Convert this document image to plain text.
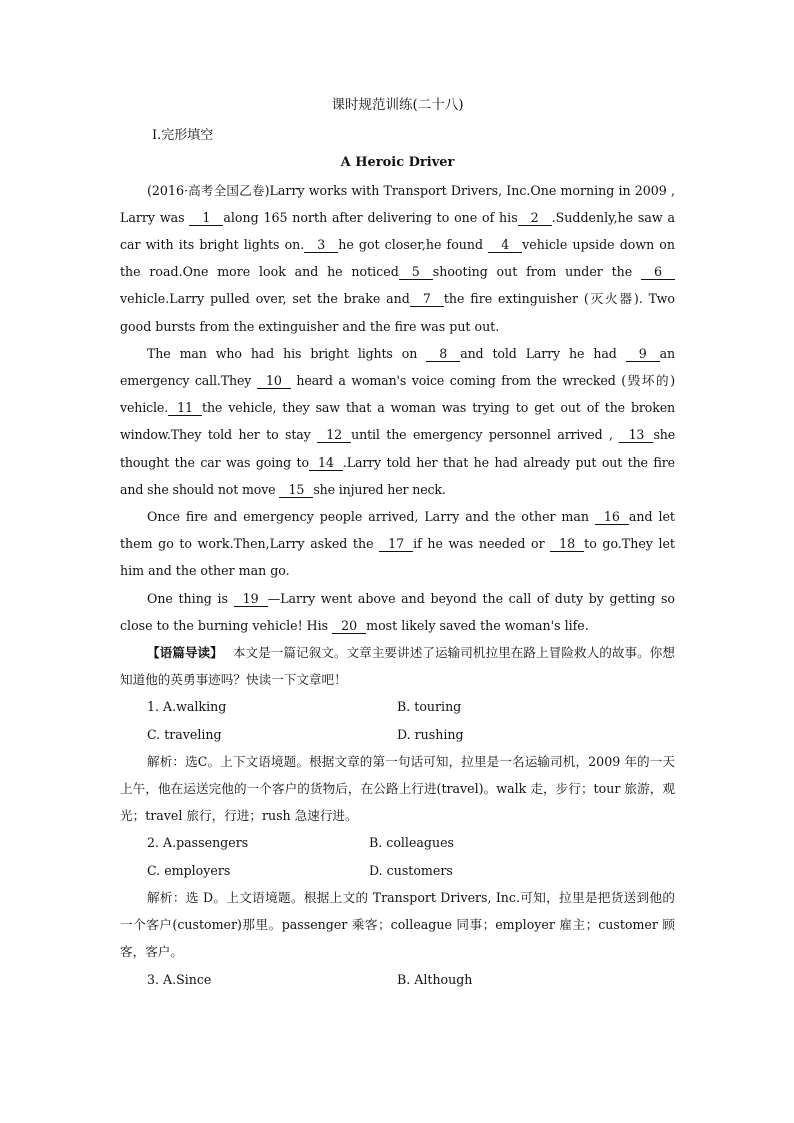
课时规范训练(二十八)

Ⅰ.完形填空

A Heroic Driver

(2016·高考全国乙卷)Larry works with Transport Drivers, Inc.One morning in 2009 , Larry was 1 along 165 north after delivering to one of his 2 .Suddenly,he saw a car with its bright lights on. 3 he got closer,he found 4 vehicle upside down on the road.One more look and he noticed 5 shooting out from under the 6vehicle.Larry pulled over, set the brake and 7 the fire extinguisher (灭火器). Two good bursts from the extinguisher and the fire was put out.

The man who had his bright lights on 8 and told Larry he had 9 an emergency call.They 10 heard a woman's voice coming from the wrecked (毁坏的) vehicle. 11 the vehicle, they saw that a woman was trying to get out of the broken window.They told her to stay 12 until the emergency personnel arrived , 13 she thought the car was going to 14 .Larry told her that he had already put out the fire and she should not move 15 she injured her neck.

Once fire and emergency people arrived, Larry and the other man 16 and let them go to work.Then,Larry asked the 17 if he was needed or 18 to go.They let him and the other man go.

One thing is 19 —Larry went above and beyond the call of duty by getting so close to the burning vehicle! His 20 most likely saved the woman's life.

【语篇导读】 本文是一篇记叙文。文章主要讲述了运输司机拉里在路上冒险救人的故事。你想知道他的英勇事迹吗？快读一下文章吧！

1. A.walking	B. touring
C. traveling	D. rushing

解析：选C。上下文语境题。根据文章的第一句话可知，拉里是一名运输司机，2009 年的一天上午，他在运送完他的一个客户的货物后，在公路上行进(travel)。walk 走，步行；tour 旅游，观光；travel 旅行，行进；rush 急速行进。

2. A.passengers	B. colleagues
C. employers	D. customers

解析：选 D。上文语境题。根据上文的 Transport Drivers, Inc.可知，拉里是把货送到他的一个客户(customer)那里。passenger 乘客；colleague 同事；employer 雇主；customer 顾客，客户。

3. A.Since	B. Although
